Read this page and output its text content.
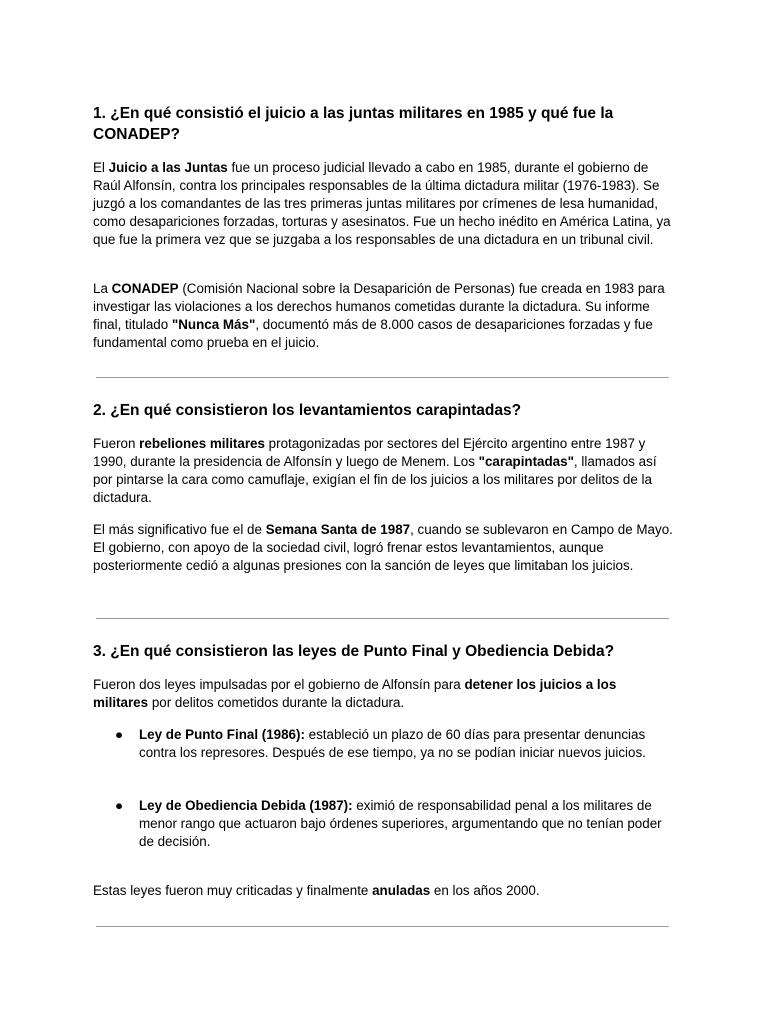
1. ¿En qué consistió el juicio a las juntas militares en 1985 y qué fue la CONADEP?

El Juicio a las Juntas fue un proceso judicial llevado a cabo en 1985, durante el gobierno de Raúl Alfonsín, contra los principales responsables de la última dictadura militar (1976-1983). Se juzgó a los comandantes de las tres primeras juntas militares por crímenes de lesa humanidad, como desapariciones forzadas, torturas y asesinatos. Fue un hecho inédito en América Latina, ya que fue la primera vez que se juzgaba a los responsables de una dictadura en un tribunal civil.

La CONADEP (Comisión Nacional sobre la Desaparición de Personas) fue creada en 1983 para investigar las violaciones a los derechos humanos cometidas durante la dictadura. Su informe final, titulado "Nunca Más", documentó más de 8.000 casos de desapariciones forzadas y fue fundamental como prueba en el juicio.

2. ¿En qué consistieron los levantamientos carapintadas?

Fueron rebeliones militares protagonizadas por sectores del Ejército argentino entre 1987 y 1990, durante la presidencia de Alfonsín y luego de Menem. Los "carapintadas", llamados así por pintarse la cara como camuflaje, exigían el fin de los juicios a los militares por delitos de la dictadura.

El más significativo fue el de Semana Santa de 1987, cuando se sublevaron en Campo de Mayo. El gobierno, con apoyo de la sociedad civil, logró frenar estos levantamientos, aunque posteriormente cedió a algunas presiones con la sanción de leyes que limitaban los juicios.

3. ¿En qué consistieron las leyes de Punto Final y Obediencia Debida?

Fueron dos leyes impulsadas por el gobierno de Alfonsín para detener los juicios a los militares por delitos cometidos durante la dictadura.

● Ley de Punto Final (1986): estableció un plazo de 60 días para presentar denuncias contra los represores. Después de ese tiempo, ya no se podían iniciar nuevos juicios.
● Ley de Obediencia Debida (1987): eximió de responsabilidad penal a los militares de menor rango que actuaron bajo órdenes superiores, argumentando que no tenían poder de decisión.

Estas leyes fueron muy criticadas y finalmente anuladas en los años 2000.
